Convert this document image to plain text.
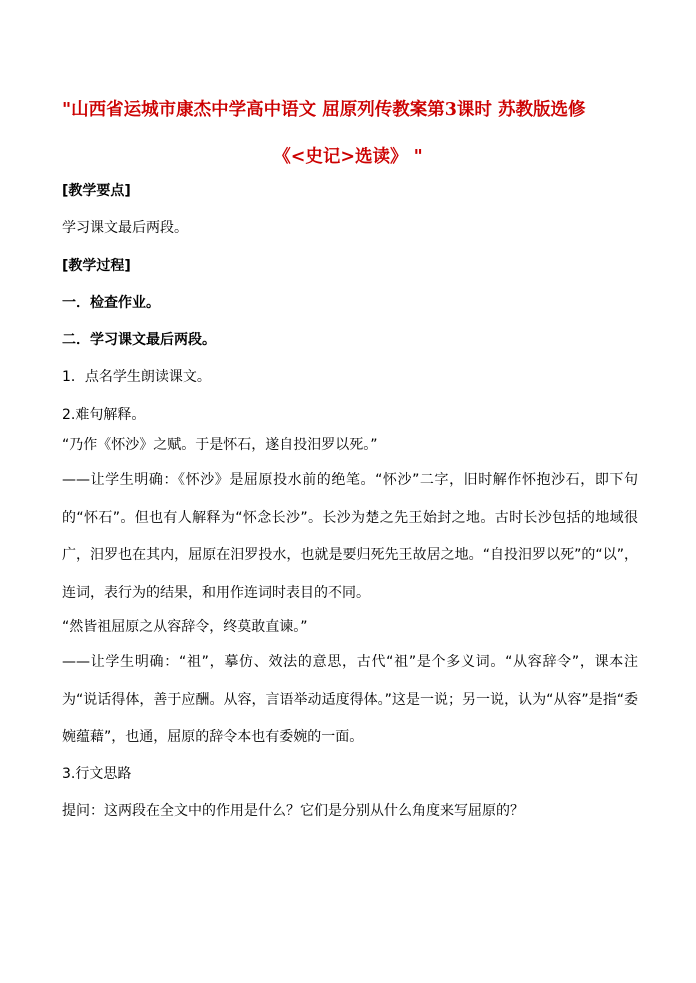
"山西省运城市康杰中学高中语文 屈原列传教案第3课时 苏教版选修
《<史记>选读》 "
[教学要点]
学习课文最后两段。
[教学过程]
一．检查作业。
二．学习课文最后两段。
1．点名学生朗读课文。
2.难句解释。
“乃作《怀沙》之赋。于是怀石，遂自投汨罗以死。”
——让学生明确：《怀沙》是屈原投水前的绝笔。“怀沙”二字，旧时解作怀抱沙石，即下句的“怀石”。但也有人解释为“怀念长沙”。长沙为楚之先王始封之地。古时长沙包括的地域很广，汨罗也在其内，屈原在汨罗投水，也就是要归死先王故居之地。“自投汨罗以死”的“以”，连词，表行为的结果，和用作连词时表目的不同。
“然皆祖屈原之从容辞令，终莫敢直谏。”
——让学生明确：“祖”，摹仿、效法的意思，古代“祖”是个多义词。“从容辞令”，课本注为“说话得体，善于应酬。从容，言语举动适度得体。”这是一说；另一说，认为“从容”是指“委婉蕴藉”，也通，屈原的辞令本也有委婉的一面。
3.行文思路
提问：这两段在全文中的作用是什么？它们是分别从什么角度来写屈原的？
